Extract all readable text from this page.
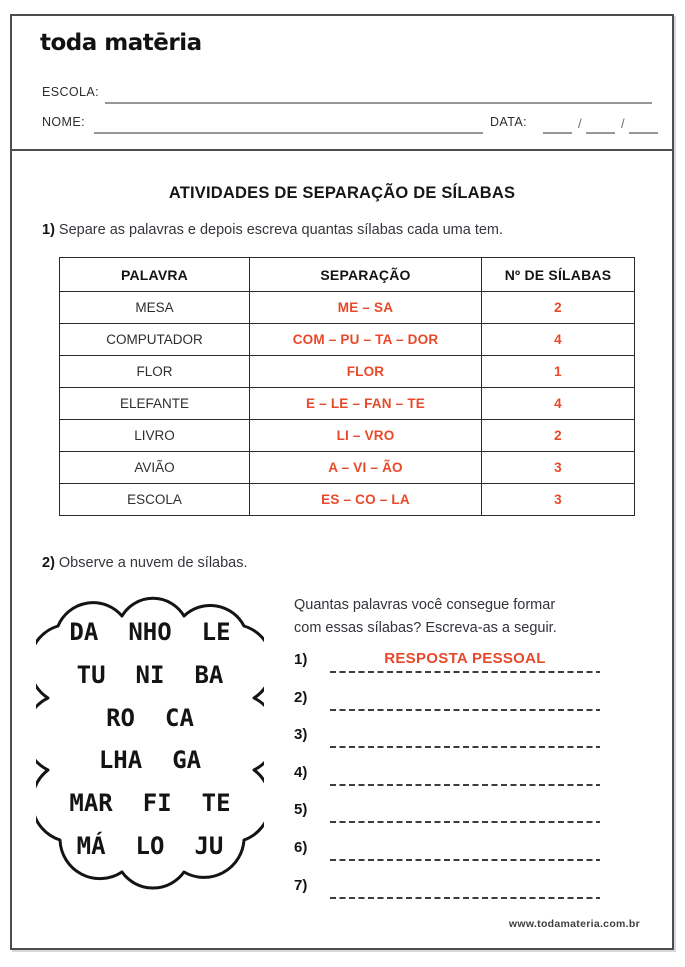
toda matēria
ESCOLA:
NOME:	DATA:	/	/
ATIVIDADES DE SEPARAÇÃO DE SÍLABAS
1) Separe as palavras e depois escreva quantas sílabas cada uma tem.
PALAVRA	SEPARAÇÃO	Nº DE SÍLABAS
MESA	ME – SA	2
COMPUTADOR	COM – PU – TA – DOR	4
FLOR	FLOR	1
ELEFANTE	E – LE – FAN – TE	4
LIVRO	LI – VRO	2
AVIÃO	A – VI – ÃO	3
ESCOLA	ES – CO – LA	3
2) Observe a nuvem de sílabas.
DA NHO LE
TU NI BA
RO CA
LHA GA
MAR FI TE
MÁ LO JU
Quantas palavras você consegue formar
com essas sílabas? Escreva-as a seguir.
1)	RESPOSTA PESSOAL
2)
3)
4)
5)
6)
7)
www.todamateria.com.br
